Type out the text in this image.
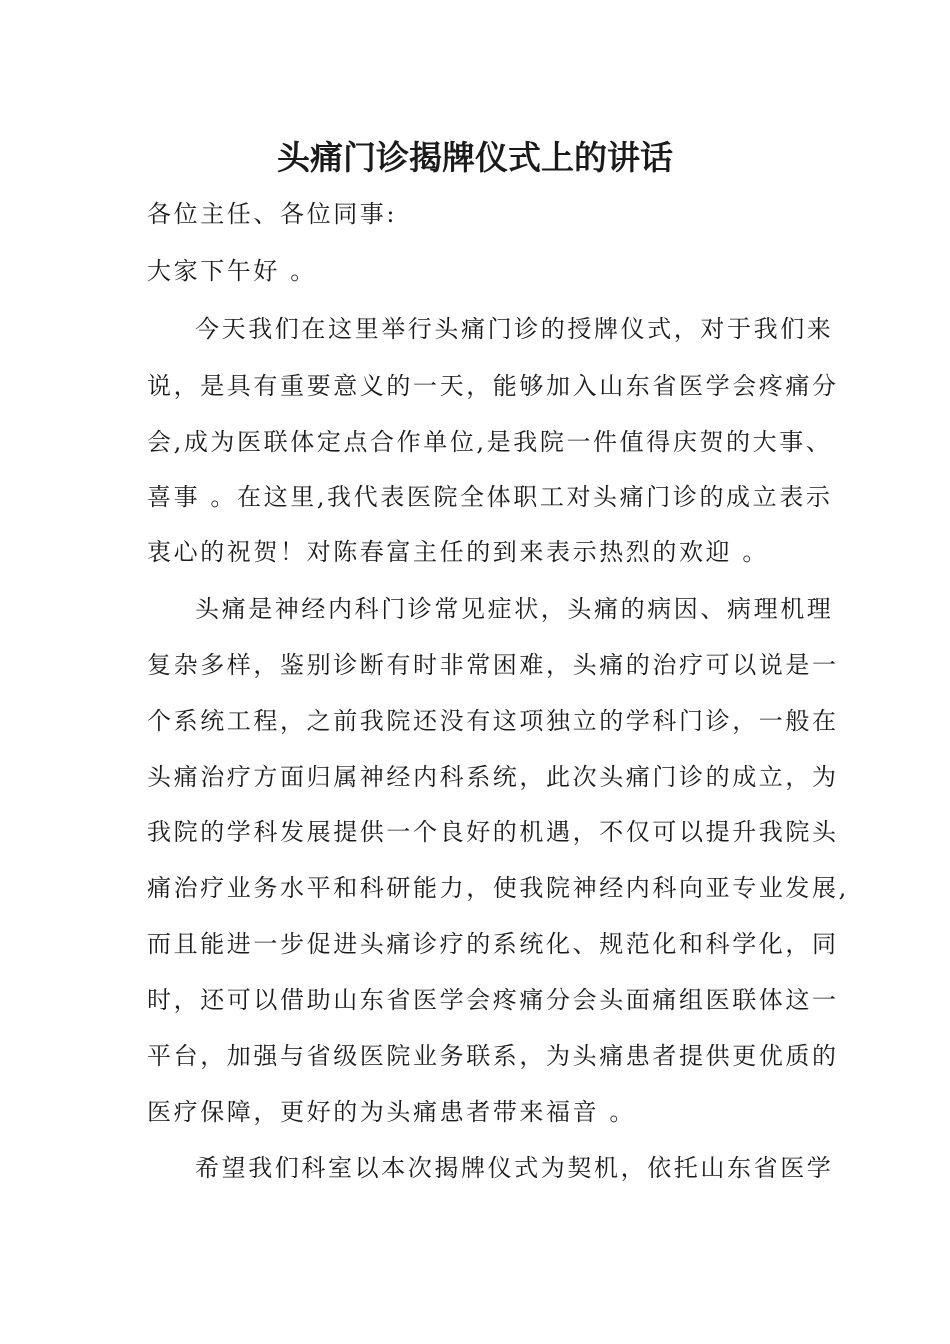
头痛门诊揭牌仪式上的讲话
各位主任、各位同事:
大家下午好 。
今天我们在这里举行头痛门诊的授牌仪式，对于我们来
说，是具有重要意义的一天，能够加入山东省医学会疼痛分
会,成为医联体定点合作单位,是我院一件值得庆贺的大事、
喜事 。在这里,我代表医院全体职工对头痛门诊的成立表示
衷心的祝贺！对陈春富主任的到来表示热烈的欢迎 。
头痛是神经内科门诊常见症状，头痛的病因、病理机理
复杂多样，鉴别诊断有时非常困难，头痛的治疗可以说是一
个系统工程，之前我院还没有这项独立的学科门诊，一般在
头痛治疗方面归属神经内科系统，此次头痛门诊的成立，为
我院的学科发展提供一个良好的机遇，不仅可以提升我院头
痛治疗业务水平和科研能力，使我院神经内科向亚专业发展,
而且能进一步促进头痛诊疗的系统化、规范化和科学化，同
时，还可以借助山东省医学会疼痛分会头面痛组医联体这一
平台，加强与省级医院业务联系，为头痛患者提供更优质的
医疗保障，更好的为头痛患者带来福音 。
希望我们科室以本次揭牌仪式为契机，依托山东省医学
